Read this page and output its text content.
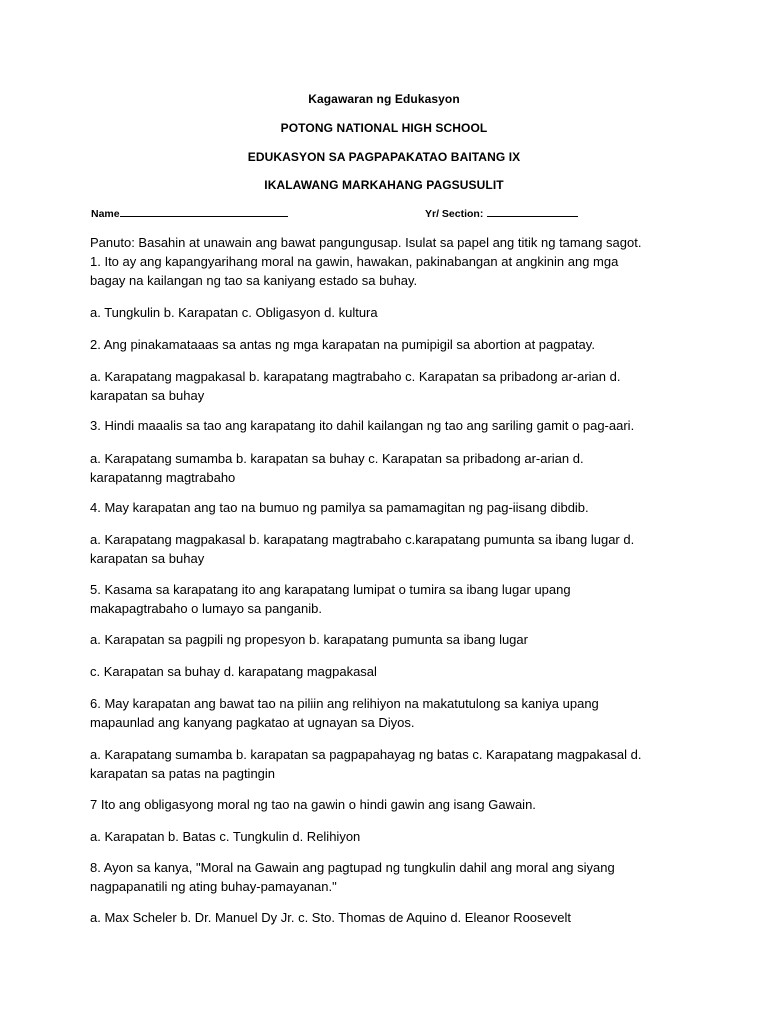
Kagawaran ng Edukasyon
POTONG NATIONAL HIGH SCHOOL
EDUKASYON SA PAGPAPAKATAO BAITANG IX
IKALAWANG MARKAHANG PAGSUSULIT
Name	Yr/ Section:
Panuto: Basahin at unawain ang bawat pangungusap. Isulat sa papel ang titik ng tamang sagot.
1. Ito ay ang kapangyarihang moral na gawin, hawakan, pakinabangan at angkinin ang mga
bagay na kailangan ng tao sa kaniyang estado sa buhay.
a. Tungkulin b. Karapatan c. Obligasyon d. kultura
2. Ang pinakamataaas sa antas ng mga karapatan na pumipigil sa abortion at pagpatay.
a. Karapatang magpakasal b. karapatang magtrabaho c. Karapatan sa pribadong ar-arian d.
karapatan sa buhay
3. Hindi maaalis sa tao ang karapatang ito dahil kailangan ng tao ang sariling gamit o pag-aari.
a. Karapatang sumamba b. karapatan sa buhay c. Karapatan sa pribadong ar-arian d.
karapatanng magtrabaho
4. May karapatan ang tao na bumuo ng pamilya sa pamamagitan ng pag-iisang dibdib.
a. Karapatang magpakasal b. karapatang magtrabaho c.karapatang pumunta sa ibang lugar d.
karapatan sa buhay
5. Kasama sa karapatang ito ang karapatang lumipat o tumira sa ibang lugar upang
makapagtrabaho o lumayo sa panganib.
a. Karapatan sa pagpili ng propesyon b. karapatang pumunta sa ibang lugar
c. Karapatan sa buhay d. karapatang magpakasal
6. May karapatan ang bawat tao na piliin ang relihiyon na makatutulong sa kaniya upang
mapaunlad ang kanyang pagkatao at ugnayan sa Diyos.
a. Karapatang sumamba b. karapatan sa pagpapahayag ng batas c. Karapatang magpakasal d.
karapatan sa patas na pagtingin
7 Ito ang obligasyong moral ng tao na gawin o hindi gawin ang isang Gawain.
a. Karapatan b. Batas c. Tungkulin d. Relihiyon
8. Ayon sa kanya, "Moral na Gawain ang pagtupad ng tungkulin dahil ang moral ang siyang
nagpapanatili ng ating buhay-pamayanan."
a. Max Scheler b. Dr. Manuel Dy Jr. c. Sto. Thomas de Aquino d. Eleanor Roosevelt
